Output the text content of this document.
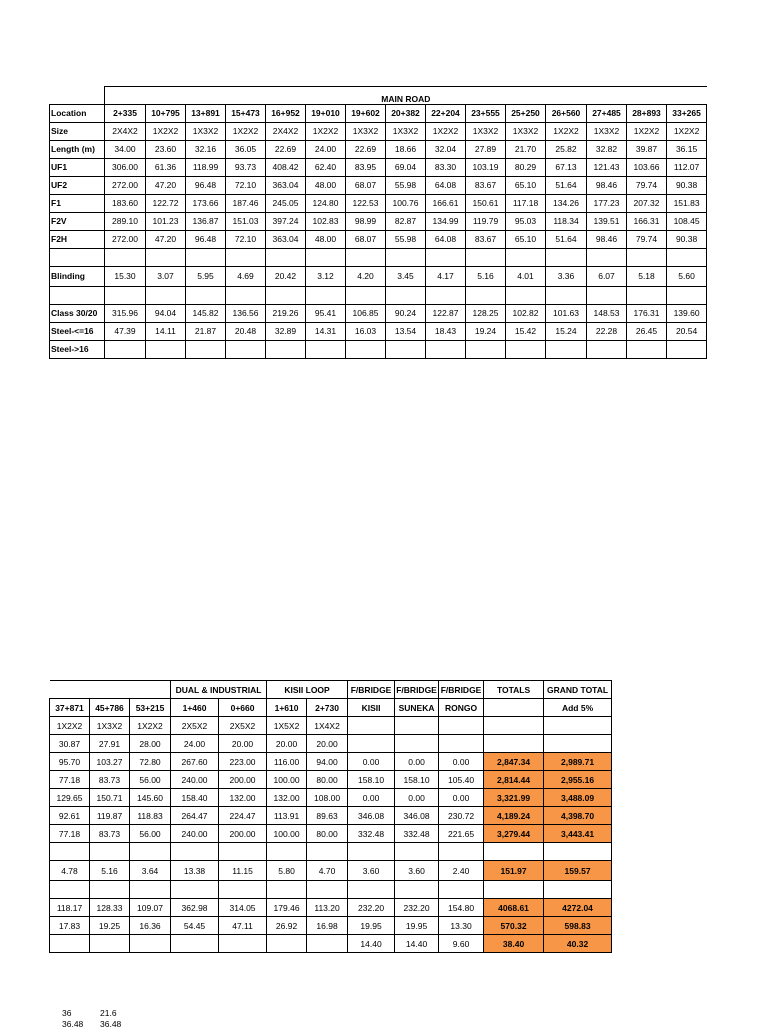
	MAIN ROAD														
Location	2+335	10+795	13+891	15+473	16+952	19+010	19+602	20+382	22+204	23+555	25+250	26+560	27+485	28+893	33+265
Size	2X4X2	1X2X2	1X3X2	1X2X2	2X4X2	1X2X2	1X3X2	1X3X2	1X2X2	1X3X2	1X3X2	1X2X2	1X3X2	1X2X2	1X2X2
Length (m)	34.00	23.60	32.16	36.05	22.69	24.00	22.69	18.66	32.04	27.89	21.70	25.82	32.82	39.87	36.15
UF1	306.00	61.36	118.99	93.73	408.42	62.40	83.95	69.04	83.30	103.19	80.29	67.13	121.43	103.66	112.07
UF2	272.00	47.20	96.48	72.10	363.04	48.00	68.07	55.98	64.08	83.67	65.10	51.64	98.46	79.74	90.38
F1	183.60	122.72	173.66	187.46	245.05	124.80	122.53	100.76	166.61	150.61	117.18	134.26	177.23	207.32	151.83
F2V	289.10	101.23	136.87	151.03	397.24	102.83	98.99	82.87	134.99	119.79	95.03	118.34	139.51	166.31	108.45
F2H	272.00	47.20	96.48	72.10	363.04	48.00	68.07	55.98	64.08	83.67	65.10	51.64	98.46	79.74	90.38

Blinding	15.30	3.07	5.95	4.69	20.42	3.12	4.20	3.45	4.17	5.16	4.01	3.36	6.07	5.18	5.60

Class 30/20	315.96	94.04	145.82	136.56	219.26	95.41	106.85	90.24	122.87	128.25	102.82	101.63	148.53	176.31	139.60
Steel-<=16	47.39	14.11	21.87	20.48	32.89	14.31	16.03	13.54	18.43	19.24	15.42	15.24	22.28	26.45	20.54
Steel->16															
			DUAL & INDUSTRIAL		KISII LOOP		F/BRIDGE	F/BRIDGE	F/BRIDGE	TOTALS	GRAND TOTAL
37+871	45+786	53+215	1+460	0+660	1+610	2+730	KISII	SUNEKA	RONGO		Add 5%
1X2X2	1X3X2	1X2X2	2X5X2	2X5X2	1X5X2	1X4X2					
30.87	27.91	28.00	24.00	20.00	20.00	20.00					
95.70	103.27	72.80	267.60	223.00	116.00	94.00	0.00	0.00	0.00	2,847.34	2,989.71
77.18	83.73	56.00	240.00	200.00	100.00	80.00	158.10	158.10	105.40	2,814.44	2,955.16
129.65	150.71	145.60	158.40	132.00	132.00	108.00	0.00	0.00	0.00	3,321.99	3,488.09
92.61	119.87	118.83	264.47	224.47	113.91	89.63	346.08	346.08	230.72	4,189.24	4,398.70
77.18	83.73	56.00	240.00	200.00	100.00	80.00	332.48	332.48	221.65	3,279.44	3,443.41

4.78	5.16	3.64	13.38	11.15	5.80	4.70	3.60	3.60	2.40	151.97	159.57

118.17	128.33	109.07	362.98	314.05	179.46	113.20	232.20	232.20	154.80	4068.61	4272.04
17.83	19.25	16.36	54.45	47.11	26.92	16.98	19.95	19.95	13.30	570.32	598.83
							14.40	14.40	9.60	38.40	40.32
36	21.6
36.48	36.48
